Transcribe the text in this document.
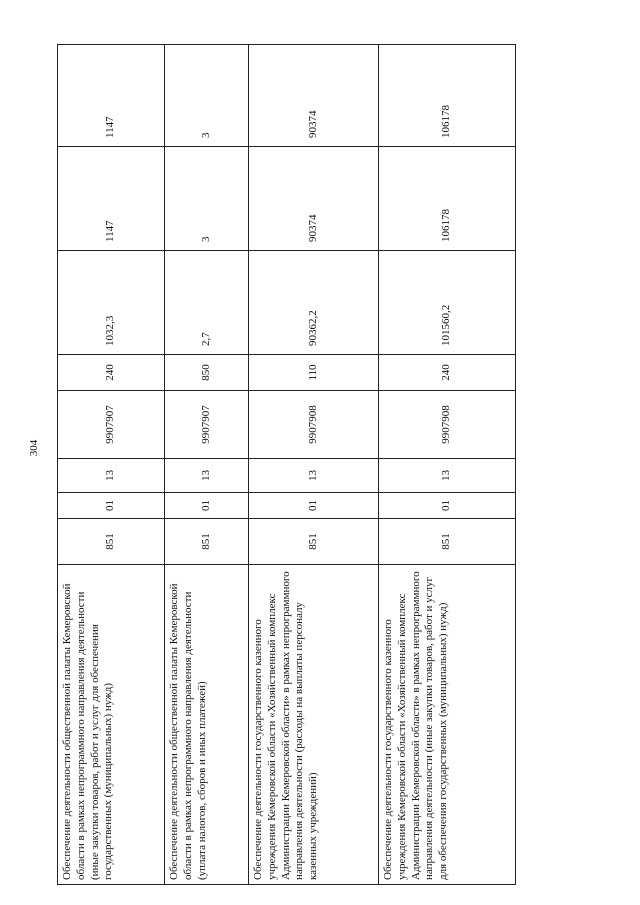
304
Обеспечение деятельности общественной палаты Кемеровской области в рамках непрограммного направления деятельности (иные закупки товаров, работ и услуг для обеспечения государственных (муниципальных) нужд)	851	01	13	9907907	240	1032,3	1147	1147
Обеспечение деятельности общественной палаты Кемеровской области в рамках непрограммного направления деятельности (уплата налогов, сборов и иных платежей)	851	01	13	9907907	850	2,7	3	3
Обеспечение деятельности государственного казенного учреждения Кемеровской области «Хозяйственный комплекс Администрации Кемеровской области» в рамках непрограммного направления деятельности (расходы на выплаты персоналу казенных учреждений)	851	01	13	9907908	110	90362,2	90374	90374
Обеспечение деятельности государственного казенного учреждения Кемеровской области «Хозяйственный комплекс Администрации Кемеровской области» в рамках непрограммного направления деятельности (иные закупки товаров, работ и услуг для обеспечения государственных (муниципальных) нужд)	851	01	13	9907908	240	101560,2	106178	106178
